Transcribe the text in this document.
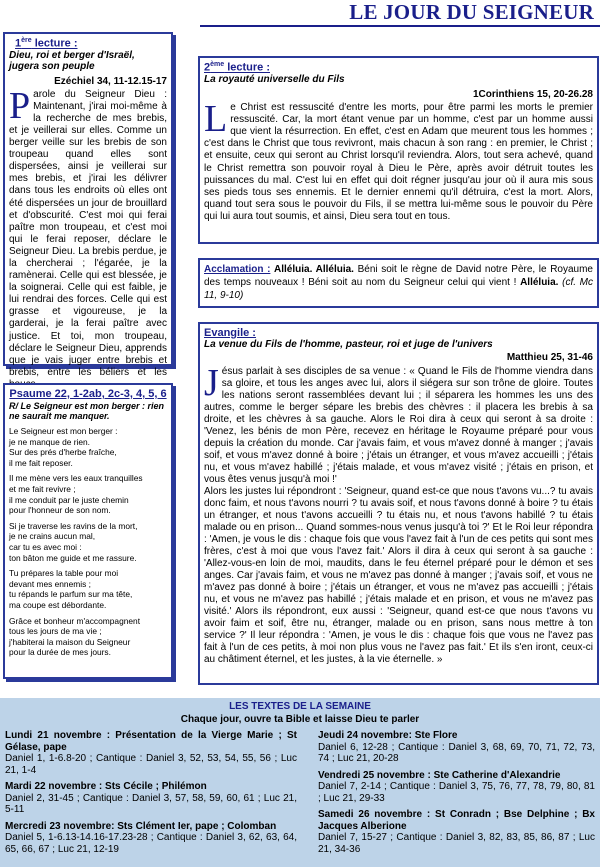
LE JOUR DU SEIGNEUR
1ère lecture :
Dieu, roi et berger d'Israël, jugera son peuple
Ezéchiel 34, 11-12.15-17
Parole du Seigneur Dieu : Maintenant, j'irai moi-même à la recherche de mes brebis, et je veillerai sur elles. Comme un berger veille sur les brebis de son troupeau quand elles sont dispersées, ainsi je veillerai sur mes brebis, et j'irai les délivrer dans tous les endroits où elles ont été dispersées un jour de brouillard et d'obscurité. C'est moi qui ferai paître mon troupeau, et c'est moi qui le ferai reposer, déclare le Seigneur Dieu. La brebis perdue, je la chercherai ; l'égarée, je la ramènerai. Celle qui est blessée, je la soignerai. Celle qui est faible, je lui rendrai des forces. Celle qui est grasse et vigoureuse, je la garderai, je la ferai paître avec justice. Et toi, mon troupeau, déclare le Seigneur Dieu, apprends que je vais juger entre brebis et brebis, entre les béliers et les
Psaume 22, 1-2ab, 2c-3, 4, 5, 6
R/ Le Seigneur est mon berger : rien ne saurait me manquer.
Le Seigneur est mon berger :
je ne manque de rien.
Sur des prés d'herbe fraîche,
il me fait reposer.
Il me mène vers les eaux tranquilles
et me fait revivre ;
il me conduit par le juste chemin
pour l'honneur de son nom.
Si je traverse les ravins de la mort,
je ne crains aucun mal,
car tu es avec moi :
ton bâton me guide et me rassure.
Tu prépares la table pour moi
devant mes ennemis ;
tu répands le parfum sur ma tête,
ma coupe est débordante.
Grâce et bonheur m'accompagnent
tous les jours de ma vie ;
j'habiterai la maison du Seigneur
pour la durée de mes jours.
2ème lecture :
La royauté universelle du Fils
1Corinthiens 15, 20-26.28
Le Christ est ressuscité d'entre les morts, pour être parmi les morts le premier ressuscité. Car, la mort étant venue par un homme, c'est par un homme aussi que vient la résurrection. En effet, c'est en Adam que meurent tous les hommes ; c'est dans le Christ que tous revivront, mais chacun à son rang : en premier, le Christ ; et ensuite, ceux qui seront au Christ lorsqu'il reviendra. Alors, tout sera achevé, quand le Christ remettra son pouvoir royal à Dieu le Père, après avoir détruit toutes les puissances du mal. C'est lui en effet qui doit régner jusqu'au jour où il aura mis sous ses pieds tous ses ennemis. Et le dernier ennemi qu'il détruira, c'est la mort. Alors, quand tout sera sous le pouvoir du Fils, il se mettra lui-même sous le pouvoir du Père qui lui aura tout soumis, et ainsi, Dieu sera tout en tous.
Acclamation : Alléluia. Alléluia. Béni soit le règne de David notre Père, le Royaume des temps nouveaux ! Béni soit au nom du Seigneur celui qui vient ! Alléluia. (cf. Mc 11, 9-10)
Evangile :
La venue du Fils de l'homme, pasteur, roi et juge de l'univers
Matthieu 25, 31-46
Jésus parlait à ses disciples de sa venue : « Quand le Fils de l'homme viendra dans sa gloire, et tous les anges avec lui, alors il siégera sur son trône de gloire. Toutes les nations seront rassemblées devant lui ; il séparera les hommes les uns des autres, comme le berger sépare les brebis des chèvres : il placera les brebis à sa droite, et les chèvres à sa gauche. Alors le Roi dira à ceux qui seront à sa droite : 'Venez, les bénis de mon Père, recevez en héritage le Royaume préparé pour vous depuis la création du monde. Car j'avais faim, et vous m'avez donné à manger ; j'avais soif, et vous m'avez donné à boire ; j'étais un étranger, et vous m'avez accueilli ; j'étais nu, et vous m'avez habillé ; j'étais malade, et vous m'avez visité ; j'étais en prison, et vous êtes venus jusqu'à moi !'
Alors les justes lui répondront : 'Seigneur, quand est-ce que nous t'avons vu...? tu avais donc faim, et nous t'avons nourri ? tu avais soif, et nous t'avons donné à boire ? tu étais un étranger, et nous t'avons accueilli ? tu étais nu, et nous t'avons habillé ? tu étais malade ou en prison... Quand sommes-nous venus jusqu'à toi ?' Et le Roi leur répondra : 'Amen, je vous le dis : chaque fois que vous l'avez fait à l'un de ces petits qui sont mes frères, c'est à moi que vous l'avez fait.' Alors il dira à ceux qui seront à sa gauche : 'Allez-vous-en loin de moi, maudits, dans le feu éternel préparé pour le démon et ses anges. Car j'avais faim, et vous ne m'avez pas donné à manger ; j'avais soif, et vous ne m'avez pas donné à boire ; j'étais un étranger, et vous ne m'avez pas accueilli ; j'étais nu, et vous ne m'avez pas habillé ; j'étais malade et en prison, et vous ne m'avez pas visité.' Alors ils répondront, eux aussi : 'Seigneur, quand est-ce que nous t'avons vu avoir faim et soif, être nu, étranger, malade ou en prison, sans nous mettre à ton service ?' Il leur répondra : 'Amen, je vous le dis : chaque fois que vous ne l'avez pas fait à l'un de ces petits, à moi non plus vous ne l'avez pas fait.' Et ils s'en iront, ceux-ci au châtiment éternel, et les justes, à la vie éternelle. »
LES TEXTES DE LA SEMAINE
Chaque jour, ouvre ta Bible et laisse Dieu te parler
Lundi 21 novembre : Présentation de la Vierge Marie ; St Gélase, pape
Daniel 1, 1-6.8-20 ; Cantique : Daniel 3, 52, 53, 54, 55, 56 ; Luc 21, 1-4
Mardi 22 novembre : Sts Cécile ; Philémon
Daniel 2, 31-45 ; Cantique : Daniel 3, 57, 58, 59, 60, 61 ; Luc 21, 5-11
Mercredi 23 novembre: Sts Clément Ier, pape ; Colomban
Daniel 5, 1-6.13-14.16-17.23-28 ; Cantique : Daniel 3, 62, 63, 64, 65, 66, 67 ; Luc 21, 12-19
Jeudi 24 novembre: Ste Flore
Daniel 6, 12-28 ; Cantique : Daniel 3, 68, 69, 70, 71, 72, 73, 74 ; Luc 21, 20-28
Vendredi 25 novembre : Ste Catherine d'Alexandrie
Daniel 7, 2-14 ; Cantique : Daniel 3, 75, 76, 77, 78, 79, 80, 81 ; Luc 21, 29-33
Samedi 26 novembre : St Conradn ; Bse Delphine ; Bx Jacques Alberione
Daniel 7, 15-27 ; Cantique : Daniel 3, 82, 83, 85, 86, 87 ; Luc 21, 34-36
